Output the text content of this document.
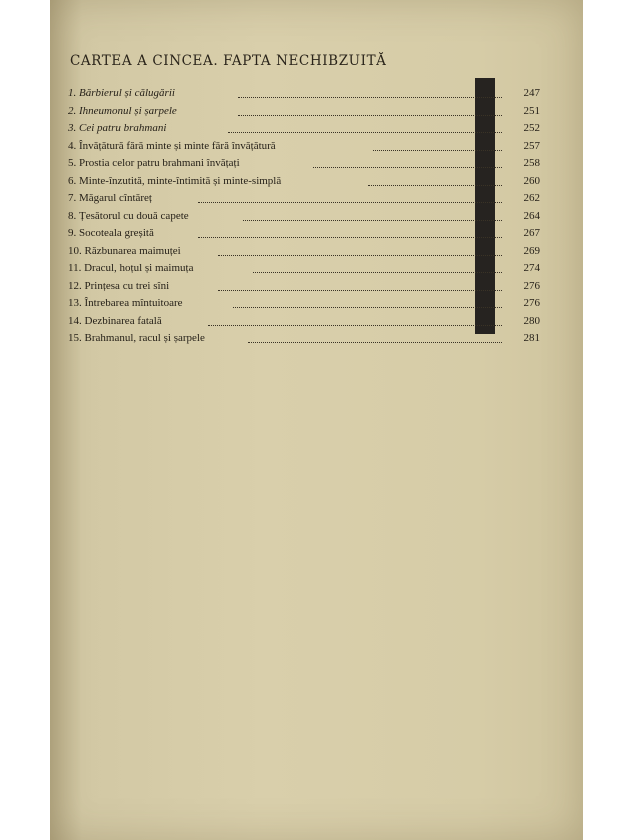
CARTEA A CINCEA. FAPTA NECHIBZUITĂ
1. Bărbierul și călugării	247
2. Ihneumonul și șarpele	251
3. Cei patru brahmani	252
4. Învățătură fără minte și minte fără învățătură	257
5. Prostia celor patru brahmani învățați	258
6. Minte-înzutită, minte-întimită și minte-simplă	260
7. Măgarul cîntăreț	262
8. Țesătorul cu două capete	264
9. Socoteala greșită	267
10. Răzbunarea maimuței	269
11. Dracul, hoțul și maimuța	274
12. Prințesa cu trei sîni	276
13. Întrebarea mîntuitoare	276
14. Dezbinarea fatală	280
15. Brahmanul, racul și șarpele	281
